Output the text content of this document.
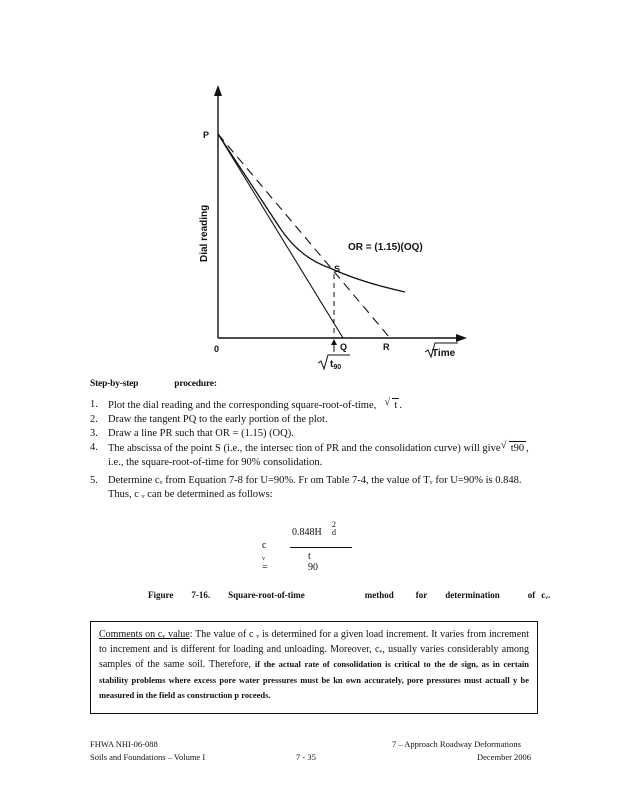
Dial reading
P
S
Q	R
0
OR = (1.15)(OQ)
Time
$t_{90}$
Step-by-step	procedure:
1. Plot the dial reading and the corresponding square-root-of-time, √ t .
2. Draw the tangent PQ to the early portion of the plot.
3. Draw a line PR such that OR = (1.15) (OQ).
4. The abscissa of the point S (i.e., the intersec tion of PR and the consolidation curve) will give √ t90 , i.e., the square-root-of-time for 90% consolidation.
5. Determine cᵥ from Equation 7-8 for U=90%. Fr om Table 7-4, the value of Tᵥ for U=90% is 0.848. Thus, c ᵥ can be determined as follows:
c ᵥ =
0.848H
2
d
t 90
Figure 7-16. Square-root-of-time	method for determination	of cᵥ.
Comments on cᵥ value: The value of c ᵥ is determined for a given load increment. It varies from increment to increment and is different for loading and unloading. Moreover, cᵥ, usually varies considerably among samples of the same soil. Therefore, if the actual rate of consolidation is critical to the de sign, as in certain stability problems where excess pore water pressures must be kn own accurately, pore pressures must actuall y be measured in the field as construction p roceeds.
FHWA NHI-06-088
Soils and Foundations – Volume I	7 - 35
7 – Approach Roadway Deformations
December 2006
